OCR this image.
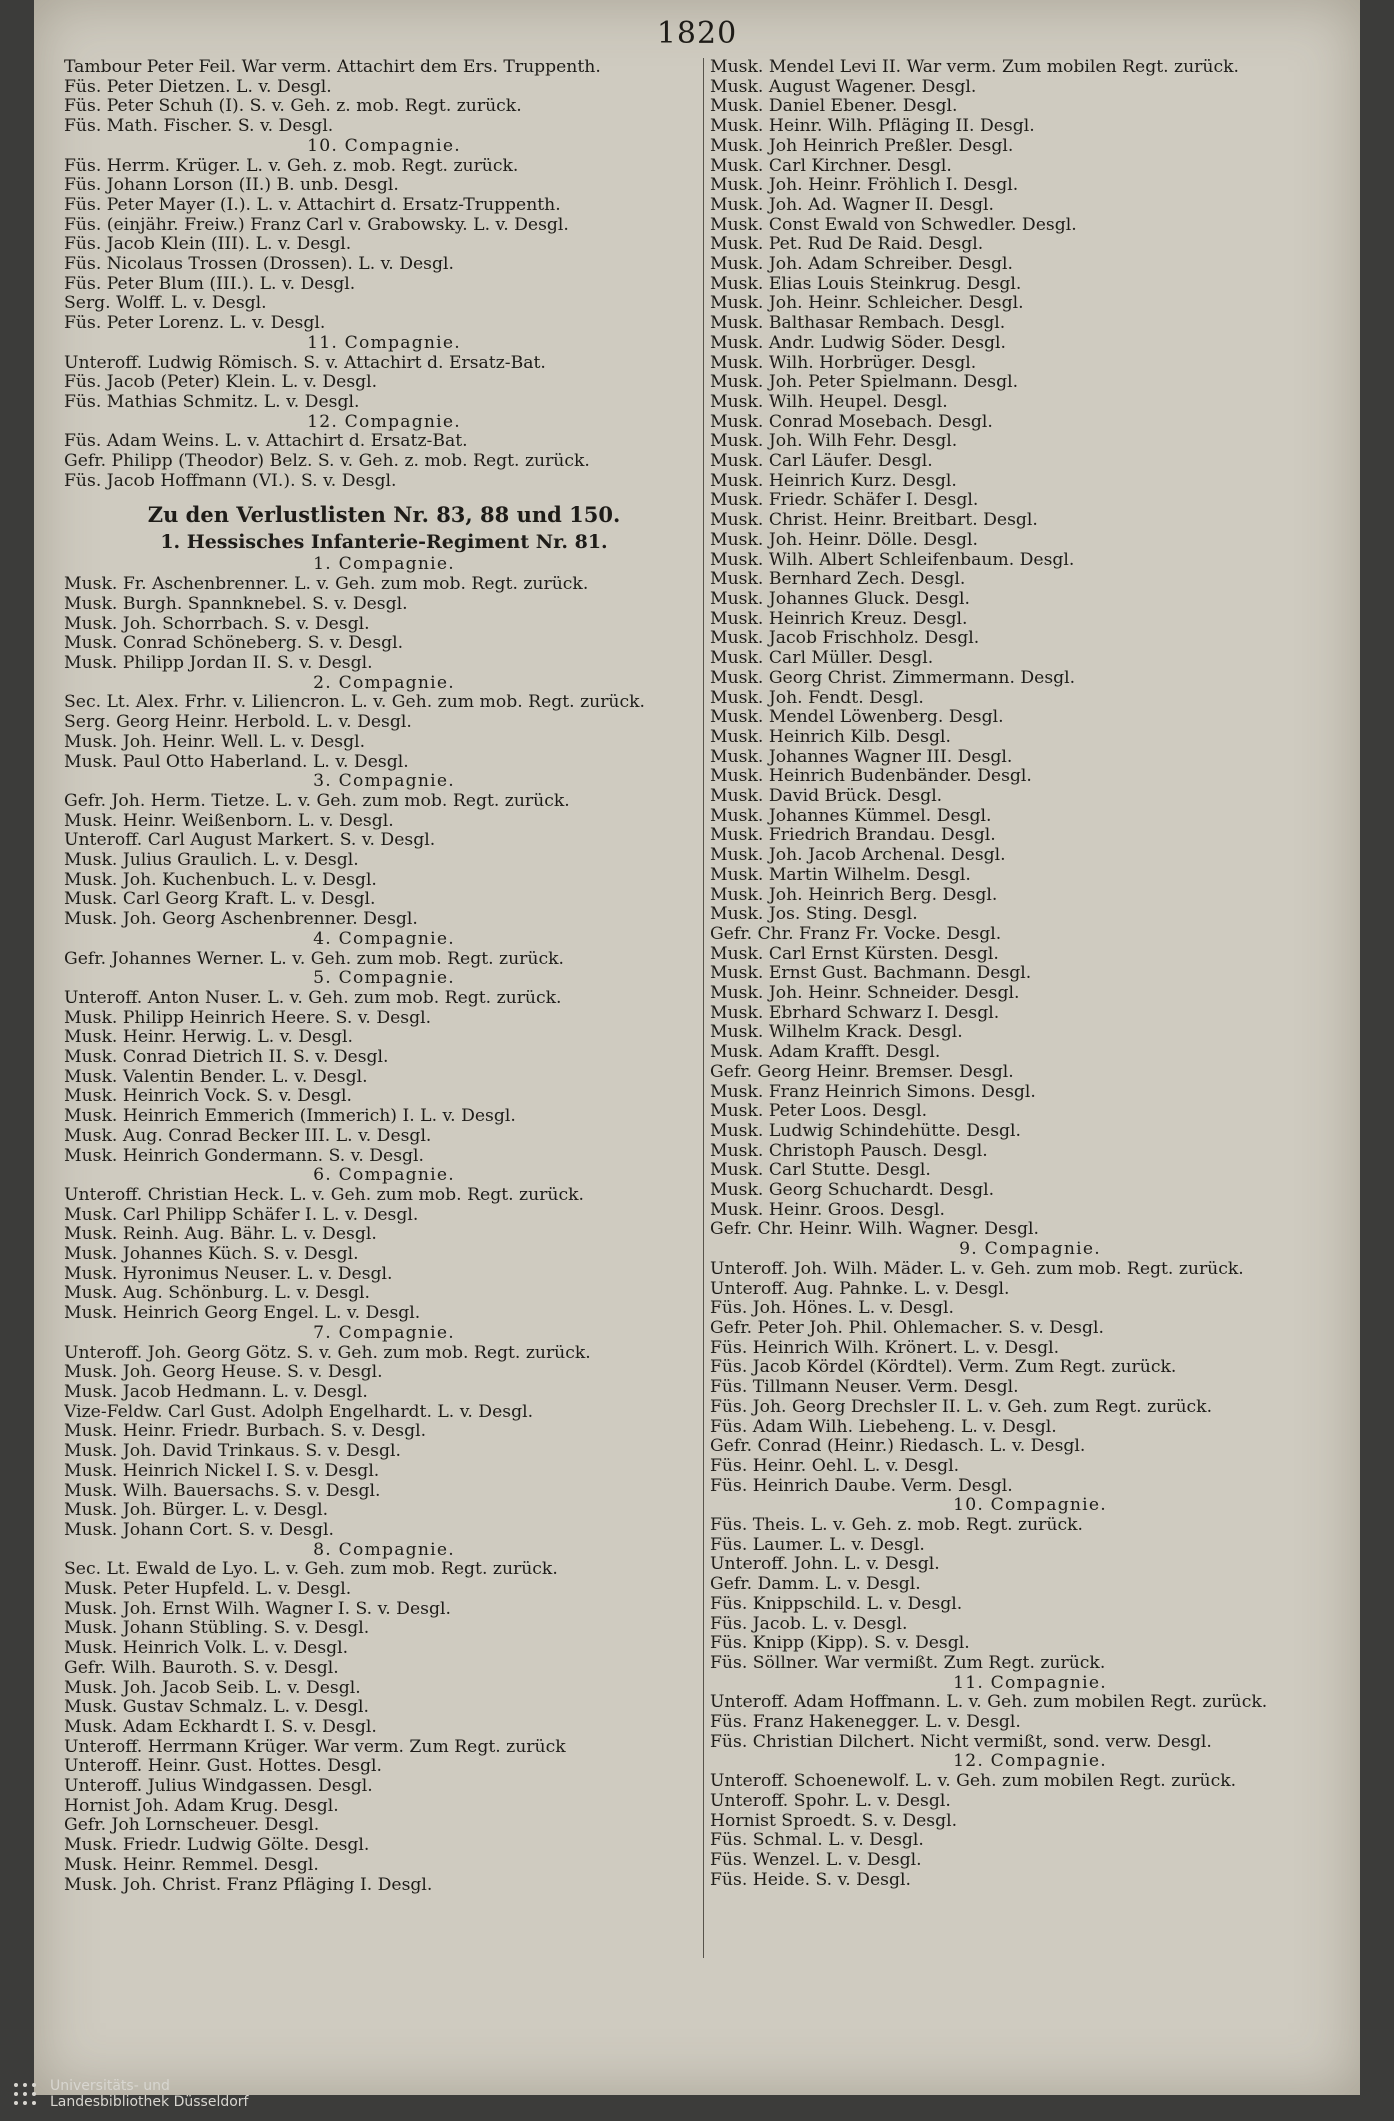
1820
Tambour Peter Feil. War verm. Attachirt dem Ers. Truppenth.
Füs. Peter Dietzen. L. v. Desgl.
Füs. Peter Schuh (I). S. v. Geh. z. mob. Regt. zurück.
Füs. Math. Fischer. S. v. Desgl.
10. Compagnie.
Füs. Herrm. Krüger. L. v. Geh. z. mob. Regt. zurück.
Füs. Johann Lorson (II.) B. unb. Desgl.
Füs. Peter Mayer (I.). L. v. Attachirt d. Ersatz-Truppenth.
Füs. (einjähr. Freiw.) Franz Carl v. Grabowsky. L. v. Desgl.
Füs. Jacob Klein (III). L. v. Desgl.
Füs. Nicolaus Trossen (Drossen). L. v. Desgl.
Füs. Peter Blum (III.). L. v. Desgl.
Serg. Wolff. L. v. Desgl.
Füs. Peter Lorenz. L. v. Desgl.
11. Compagnie.
Unteroff. Ludwig Römisch. S. v. Attachirt d. Ersatz-Bat.
Füs. Jacob (Peter) Klein. L. v. Desgl.
Füs. Mathias Schmitz. L. v. Desgl.
12. Compagnie.
Füs. Adam Weins. L. v. Attachirt d. Ersatz-Bat.
Gefr. Philipp (Theodor) Belz. S. v. Geh. z. mob. Regt. zurück.
Füs. Jacob Hoffmann (VI.). S. v. Desgl.
Zu den Verlustlisten Nr. 83, 88 und 150.
1. Hessisches Infanterie-Regiment Nr. 81.
1. Compagnie.
Musk. Fr. Aschenbrenner. L. v. Geh. zum mob. Regt. zurück.
Musk. Burgh. Spannknebel. S. v. Desgl.
Musk. Joh. Schorrbach. S. v. Desgl.
Musk. Conrad Schöneberg. S. v. Desgl.
Musk. Philipp Jordan II. S. v. Desgl.
2. Compagnie.
Sec. Lt. Alex. Frhr. v. Liliencron. L. v. Geh. zum mob. Regt. zurück.
Serg. Georg Heinr. Herbold. L. v. Desgl.
Musk. Joh. Heinr. Well. L. v. Desgl.
Musk. Paul Otto Haberland. L. v. Desgl.
3. Compagnie.
Gefr. Joh. Herm. Tietze. L. v. Geh. zum mob. Regt. zurück.
Musk. Heinr. Weißenborn. L. v. Desgl.
Unteroff. Carl August Markert. S. v. Desgl.
Musk. Julius Graulich. L. v. Desgl.
Musk. Joh. Kuchenbuch. L. v. Desgl.
Musk. Carl Georg Kraft. L. v. Desgl.
Musk. Joh. Georg Aschenbrenner. Desgl.
4. Compagnie.
Gefr. Johannes Werner. L. v. Geh. zum mob. Regt. zurück.
5. Compagnie.
Unteroff. Anton Nuser. L. v. Geh. zum mob. Regt. zurück.
Musk. Philipp Heinrich Heere. S. v. Desgl.
Musk. Heinr. Herwig. L. v. Desgl.
Musk. Conrad Dietrich II. S. v. Desgl.
Musk. Valentin Bender. L. v. Desgl.
Musk. Heinrich Vock. S. v. Desgl.
Musk. Heinrich Emmerich (Immerich) I. L. v. Desgl.
Musk. Aug. Conrad Becker III. L. v. Desgl.
Musk. Heinrich Gondermann. S. v. Desgl.
6. Compagnie.
Unteroff. Christian Heck. L. v. Geh. zum mob. Regt. zurück.
Musk. Carl Philipp Schäfer I. L. v. Desgl.
Musk. Reinh. Aug. Bähr. L. v. Desgl.
Musk. Johannes Küch. S. v. Desgl.
Musk. Hyronimus Neuser. L. v. Desgl.
Musk. Aug. Schönburg. L. v. Desgl.
Musk. Heinrich Georg Engel. L. v. Desgl.
7. Compagnie.
Unteroff. Joh. Georg Götz. S. v. Geh. zum mob. Regt. zurück.
Musk. Joh. Georg Heuse. S. v. Desgl.
Musk. Jacob Hedmann. L. v. Desgl.
Vize-Feldw. Carl Gust. Adolph Engelhardt. L. v. Desgl.
Musk. Heinr. Friedr. Burbach. S. v. Desgl.
Musk. Joh. David Trinkaus. S. v. Desgl.
Musk. Heinrich Nickel I. S. v. Desgl.
Musk. Wilh. Bauersachs. S. v. Desgl.
Musk. Joh. Bürger. L. v. Desgl.
Musk. Johann Cort. S. v. Desgl.
8. Compagnie.
Sec. Lt. Ewald de Lyo. L. v. Geh. zum mob. Regt. zurück.
Musk. Peter Hupfeld. L. v. Desgl.
Musk. Joh. Ernst Wilh. Wagner I. S. v. Desgl.
Musk. Johann Stübling. S. v. Desgl.
Musk. Heinrich Volk. L. v. Desgl.
Gefr. Wilh. Bauroth. S. v. Desgl.
Musk. Joh. Jacob Seib. L. v. Desgl.
Musk. Gustav Schmalz. L. v. Desgl.
Musk. Adam Eckhardt I. S. v. Desgl.
Unteroff. Herrmann Krüger. War verm. Zum Regt. zurück
Unteroff. Heinr. Gust. Hottes. Desgl.
Unteroff. Julius Windgassen. Desgl.
Hornist Joh. Adam Krug. Desgl.
Gefr. Joh Lornscheuer. Desgl.
Musk. Friedr. Ludwig Gölte. Desgl.
Musk. Heinr. Remmel. Desgl.
Musk. Joh. Christ. Franz Pfläging I. Desgl.
Musk. Mendel Levi II. War verm. Zum mobilen Regt. zurück.
Musk. August Wagener. Desgl.
Musk. Daniel Ebener. Desgl.
Musk. Heinr. Wilh. Pfläging II. Desgl.
Musk. Joh Heinrich Preßler. Desgl.
Musk. Carl Kirchner. Desgl.
Musk. Joh. Heinr. Fröhlich I. Desgl.
Musk. Joh. Ad. Wagner II. Desgl.
Musk. Const Ewald von Schwedler. Desgl.
Musk. Pet. Rud De Raid. Desgl.
Musk. Joh. Adam Schreiber. Desgl.
Musk. Elias Louis Steinkrug. Desgl.
Musk. Joh. Heinr. Schleicher. Desgl.
Musk. Balthasar Rembach. Desgl.
Musk. Andr. Ludwig Söder. Desgl.
Musk. Wilh. Horbrüger. Desgl.
Musk. Joh. Peter Spielmann. Desgl.
Musk. Wilh. Heupel. Desgl.
Musk. Conrad Mosebach. Desgl.
Musk. Joh. Wilh Fehr. Desgl.
Musk. Carl Läufer. Desgl.
Musk. Heinrich Kurz. Desgl.
Musk. Friedr. Schäfer I. Desgl.
Musk. Christ. Heinr. Breitbart. Desgl.
Musk. Joh. Heinr. Dölle. Desgl.
Musk. Wilh. Albert Schleifenbaum. Desgl.
Musk. Bernhard Zech. Desgl.
Musk. Johannes Gluck. Desgl.
Musk. Heinrich Kreuz. Desgl.
Musk. Jacob Frischholz. Desgl.
Musk. Carl Müller. Desgl.
Musk. Georg Christ. Zimmermann. Desgl.
Musk. Joh. Fendt. Desgl.
Musk. Mendel Löwenberg. Desgl.
Musk. Heinrich Kilb. Desgl.
Musk. Johannes Wagner III. Desgl.
Musk. Heinrich Budenbänder. Desgl.
Musk. David Brück. Desgl.
Musk. Johannes Kümmel. Desgl.
Musk. Friedrich Brandau. Desgl.
Musk. Joh. Jacob Archenal. Desgl.
Musk. Martin Wilhelm. Desgl.
Musk. Joh. Heinrich Berg. Desgl.
Musk. Jos. Sting. Desgl.
Gefr. Chr. Franz Fr. Vocke. Desgl.
Musk. Carl Ernst Kürsten. Desgl.
Musk. Ernst Gust. Bachmann. Desgl.
Musk. Joh. Heinr. Schneider. Desgl.
Musk. Ebrhard Schwarz I. Desgl.
Musk. Wilhelm Krack. Desgl.
Musk. Adam Krafft. Desgl.
Gefr. Georg Heinr. Bremser. Desgl.
Musk. Franz Heinrich Simons. Desgl.
Musk. Peter Loos. Desgl.
Musk. Ludwig Schindehütte. Desgl.
Musk. Christoph Pausch. Desgl.
Musk. Carl Stutte. Desgl.
Musk. Georg Schuchardt. Desgl.
Musk. Heinr. Groos. Desgl.
Gefr. Chr. Heinr. Wilh. Wagner. Desgl.
9. Compagnie.
Unteroff. Joh. Wilh. Mäder. L. v. Geh. zum mob. Regt. zurück.
Unteroff. Aug. Pahnke. L. v. Desgl.
Füs. Joh. Hönes. L. v. Desgl.
Gefr. Peter Joh. Phil. Ohlemacher. S. v. Desgl.
Füs. Heinrich Wilh. Krönert. L. v. Desgl.
Füs. Jacob Kördel (Kördtel). Verm. Zum Regt. zurück.
Füs. Tillmann Neuser. Verm. Desgl.
Füs. Joh. Georg Drechsler II. L. v. Geh. zum Regt. zurück.
Füs. Adam Wilh. Liebeheng. L. v. Desgl.
Gefr. Conrad (Heinr.) Riedasch. L. v. Desgl.
Füs. Heinr. Oehl. L. v. Desgl.
Füs. Heinrich Daube. Verm. Desgl.
10. Compagnie.
Füs. Theis. L. v. Geh. z. mob. Regt. zurück.
Füs. Laumer. L. v. Desgl.
Unteroff. John. L. v. Desgl.
Gefr. Damm. L. v. Desgl.
Füs. Knippschild. L. v. Desgl.
Füs. Jacob. L. v. Desgl.
Füs. Knipp (Kipp). S. v. Desgl.
Füs. Söllner. War vermißt. Zum Regt. zurück.
11. Compagnie.
Unteroff. Adam Hoffmann. L. v. Geh. zum mobilen Regt. zurück.
Füs. Franz Hakenegger. L. v. Desgl.
Füs. Christian Dilchert. Nicht vermißt, sond. verw. Desgl.
12. Compagnie.
Unteroff. Schoenewolf. L. v. Geh. zum mobilen Regt. zurück.
Unteroff. Spohr. L. v. Desgl.
Hornist Sproedt. S. v. Desgl.
Füs. Schmal. L. v. Desgl.
Füs. Wenzel. L. v. Desgl.
Füs. Heide. S. v. Desgl.
Universitäts- und
Landesbibliothek Düsseldorf
